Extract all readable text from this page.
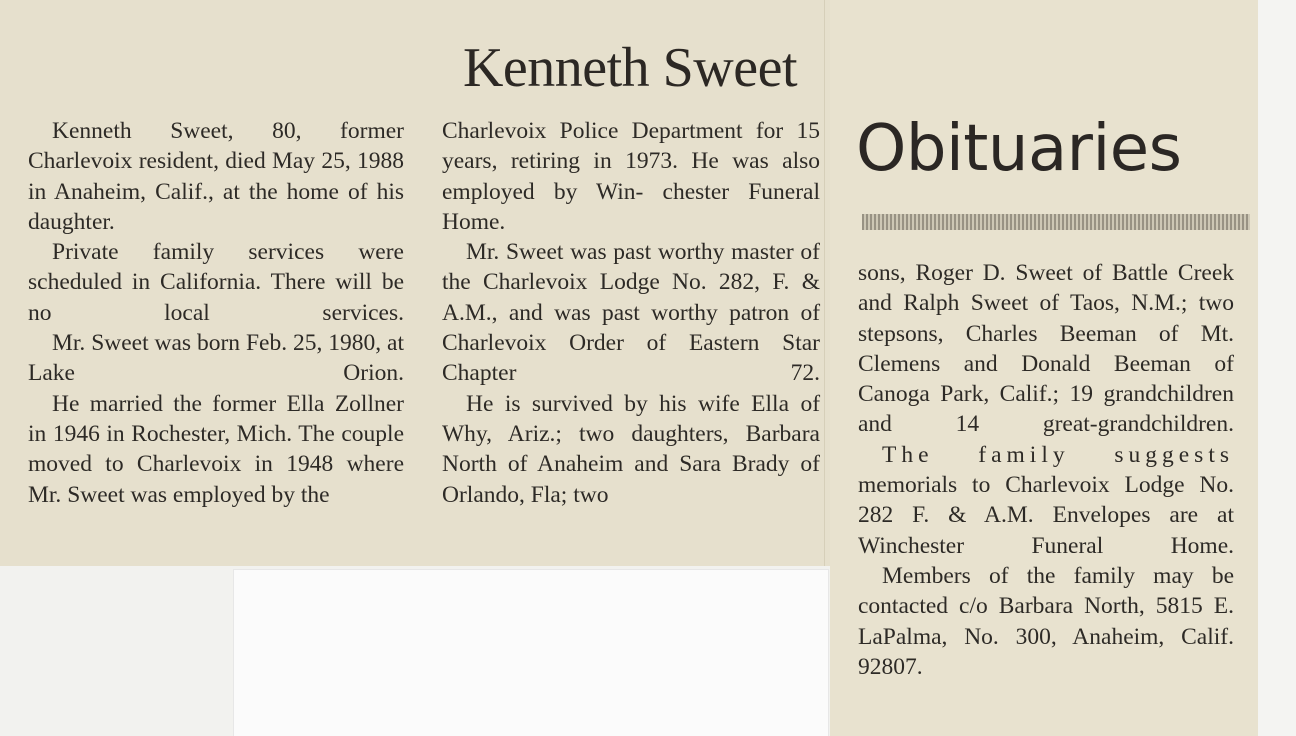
Kenneth Sweet
Obituaries

Kenneth Sweet, 80, former Charlevoix resident, died May 25, 1988 in Anaheim, Calif., at the home of his daughter.

Private family services were scheduled in California. There will be no local services.

Mr. Sweet was born Feb. 25, 1980, at Lake Orion.

He married the former Ella Zollner in 1946 in Rochester, Mich. The couple moved to Charlevoix in 1948 where Mr. Sweet was employed by the

Charlevoix Police Department for 15 years, retiring in 1973. He was also employed by Win- chester Funeral Home.

Mr. Sweet was past worthy master of the Charlevoix Lodge No. 282, F. & A.M., and was past worthy patron of Charlevoix Order of Eastern Star Chapter	72.

He is survived by his wife Ella of Why, Ariz.; two daughters, Barbara North of Anaheim and Sara Brady of Orlando, Fla; two

sons, Roger D. Sweet of Battle Creek and Ralph Sweet of Taos, N.M.; two stepsons, Charles Beeman of Mt. Clemens and Donald Beeman of Canoga Park, Calif.; 19 grandchildren and 14 great-grandchildren.

The family suggests memorials to Charlevoix Lodge No. 282 F. & A.M. Envelopes are at Winchester Funeral Home.

Members of the family may be contacted c/o Barbara North, 5815 E. LaPalma, No. 300, Anaheim, Calif. 92807.
